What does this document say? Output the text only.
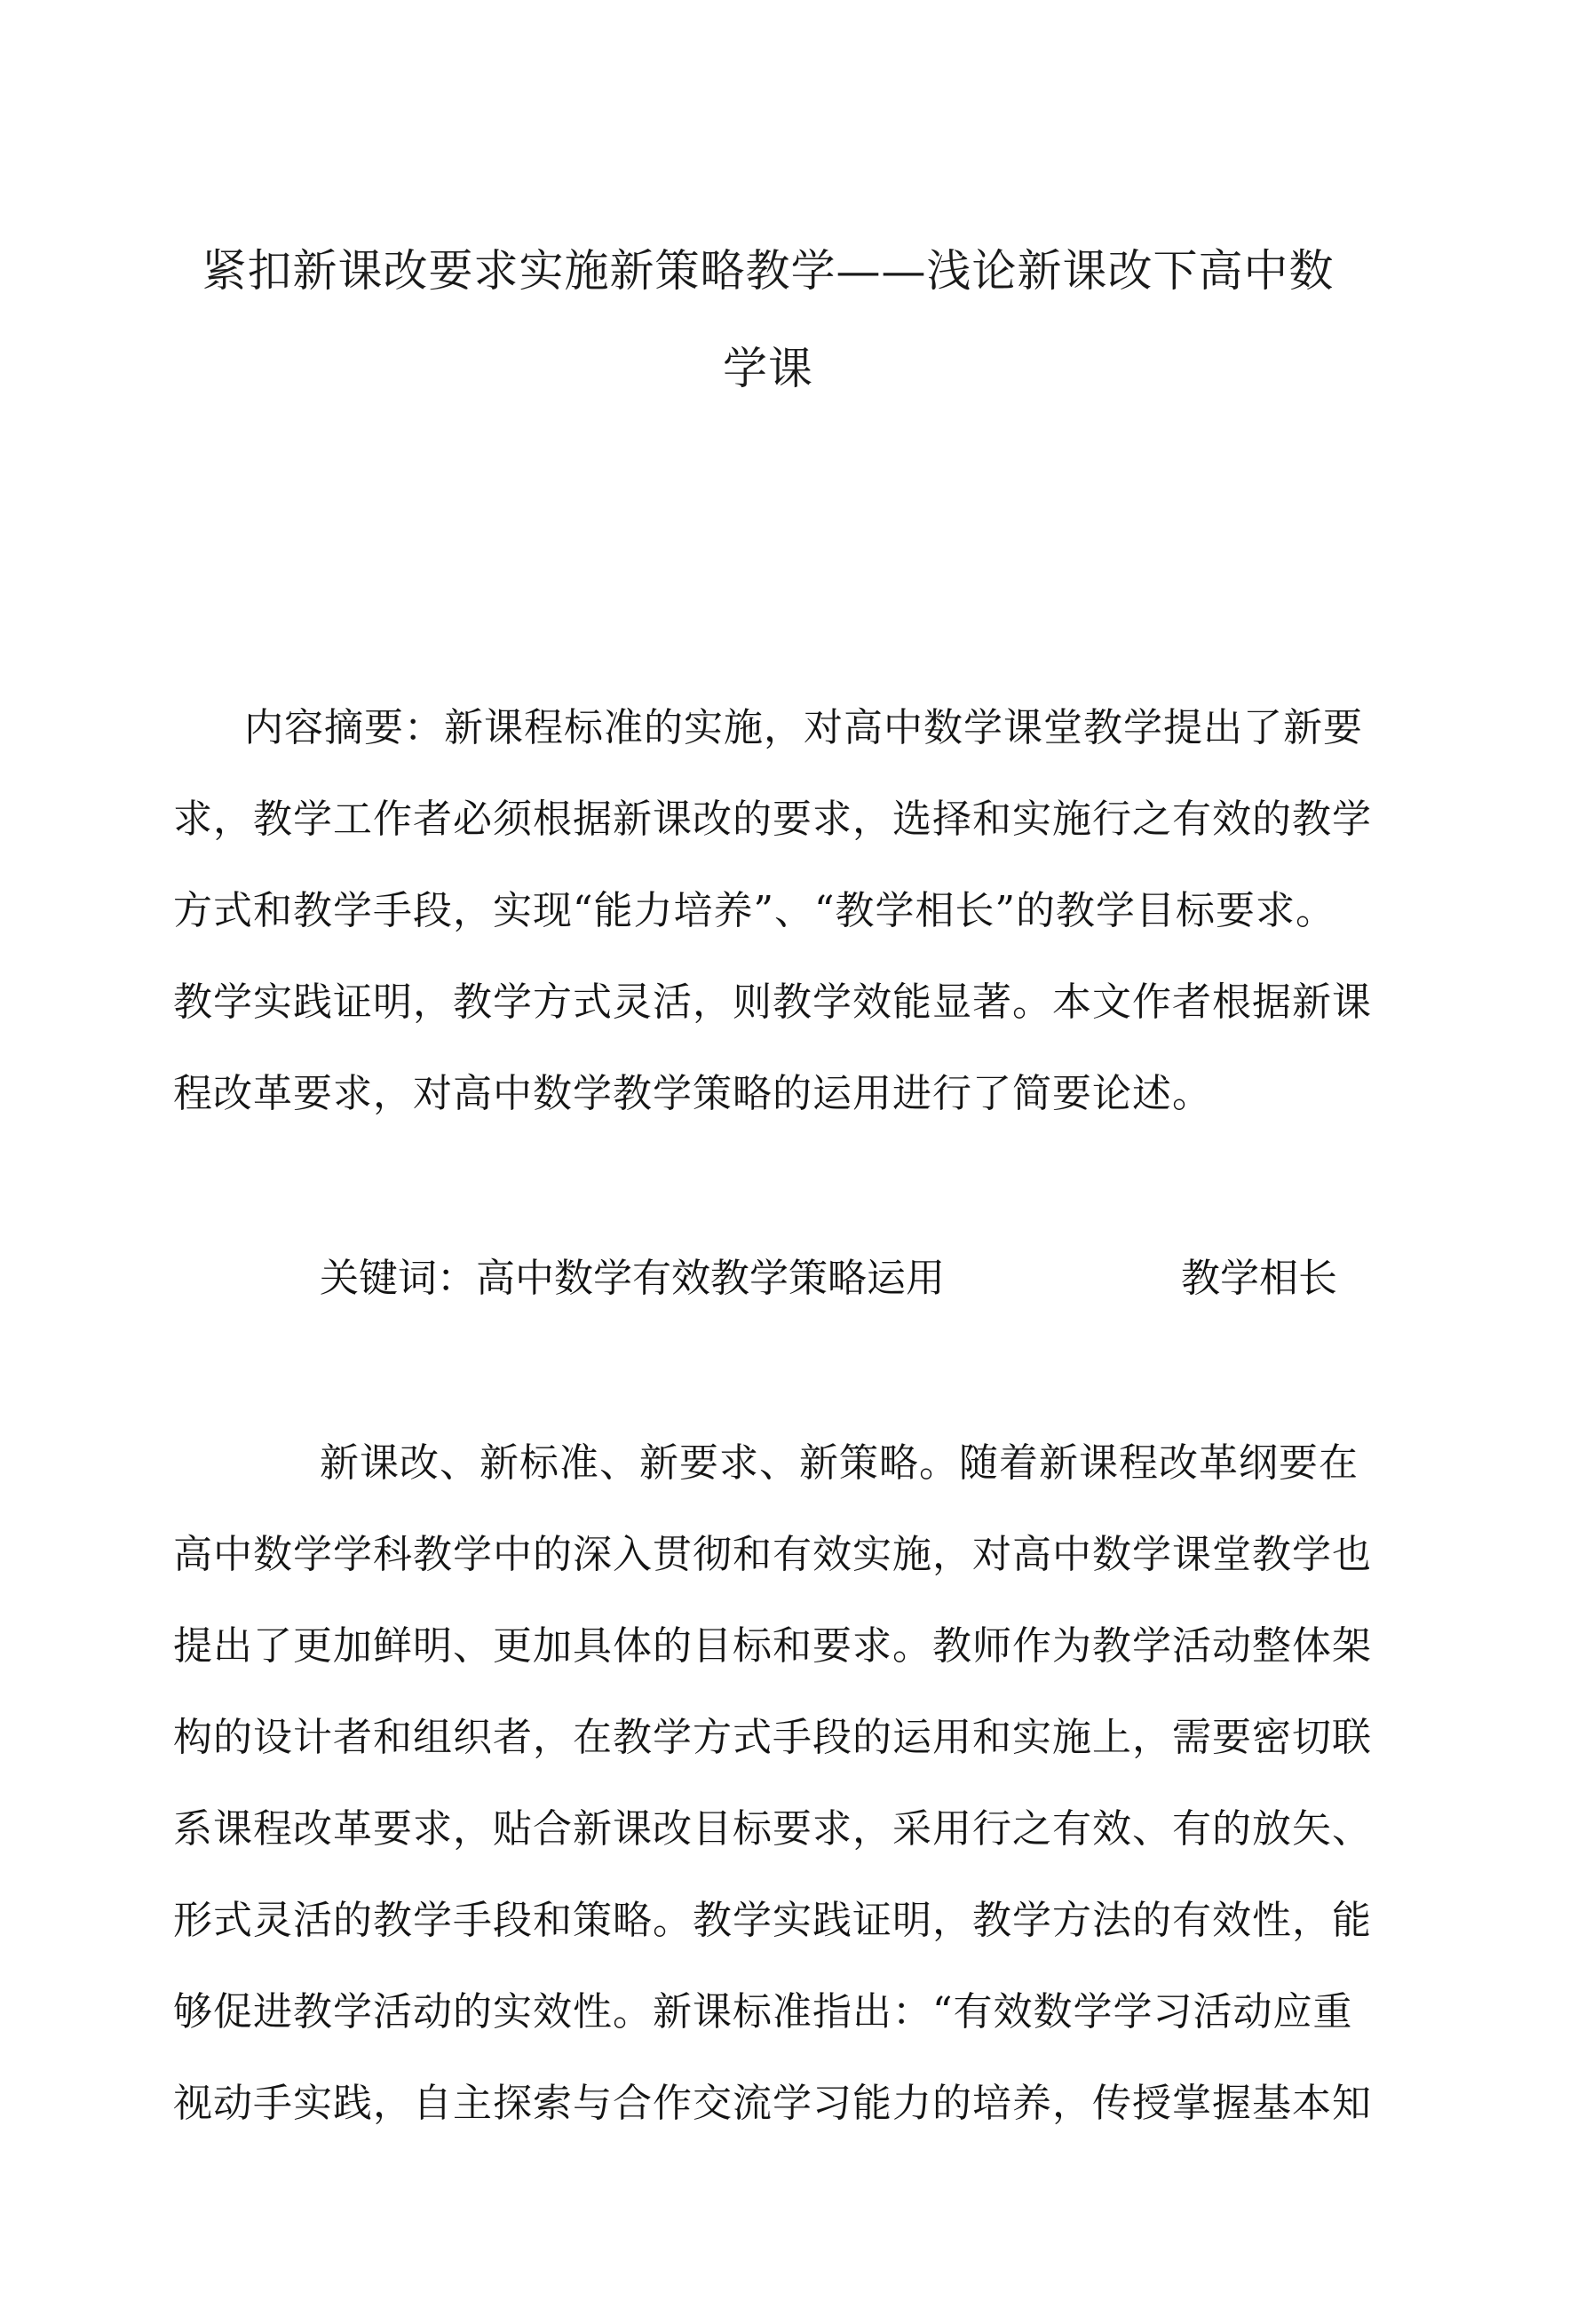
紧扣新课改要求实施新策略教学——浅论新课改下高中数
学课
内容摘要：新课程标准的实施，对高中数学课堂教学提出了新要
求，教学工作者必须根据新课改的要求，选择和实施行之有效的教学
方式和教学手段，实现“能力培养”、“教学相长”的教学目标要求。
教学实践证明，教学方式灵活，则教学效能显著。本文作者根据新课
程改革要求，对高中数学教学策略的运用进行了简要论述。
关键词： 高中数学有效教学策略运用	教学相长
新课改、新标准、新要求、新策略。随着新课程改革纲要在
高中数学学科教学中的深入贯彻和有效实施，对高中数学课堂教学也
提出了更加鲜明、更加具体的目标和要求。教师作为教学活动整体架
构的设计者和组织者，在教学方式手段的运用和实施上，需要密切联
系课程改革要求，贴合新课改目标要求，采用行之有效、有的放矢、
形式灵活的教学手段和策略。教学实践证明，教学方法的有效性，能
够促进教学活动的实效性。新课标准指出：“有效数学学习活动应重
视动手实践，自主探索与合作交流学习能力的培养，传授掌握基本知
